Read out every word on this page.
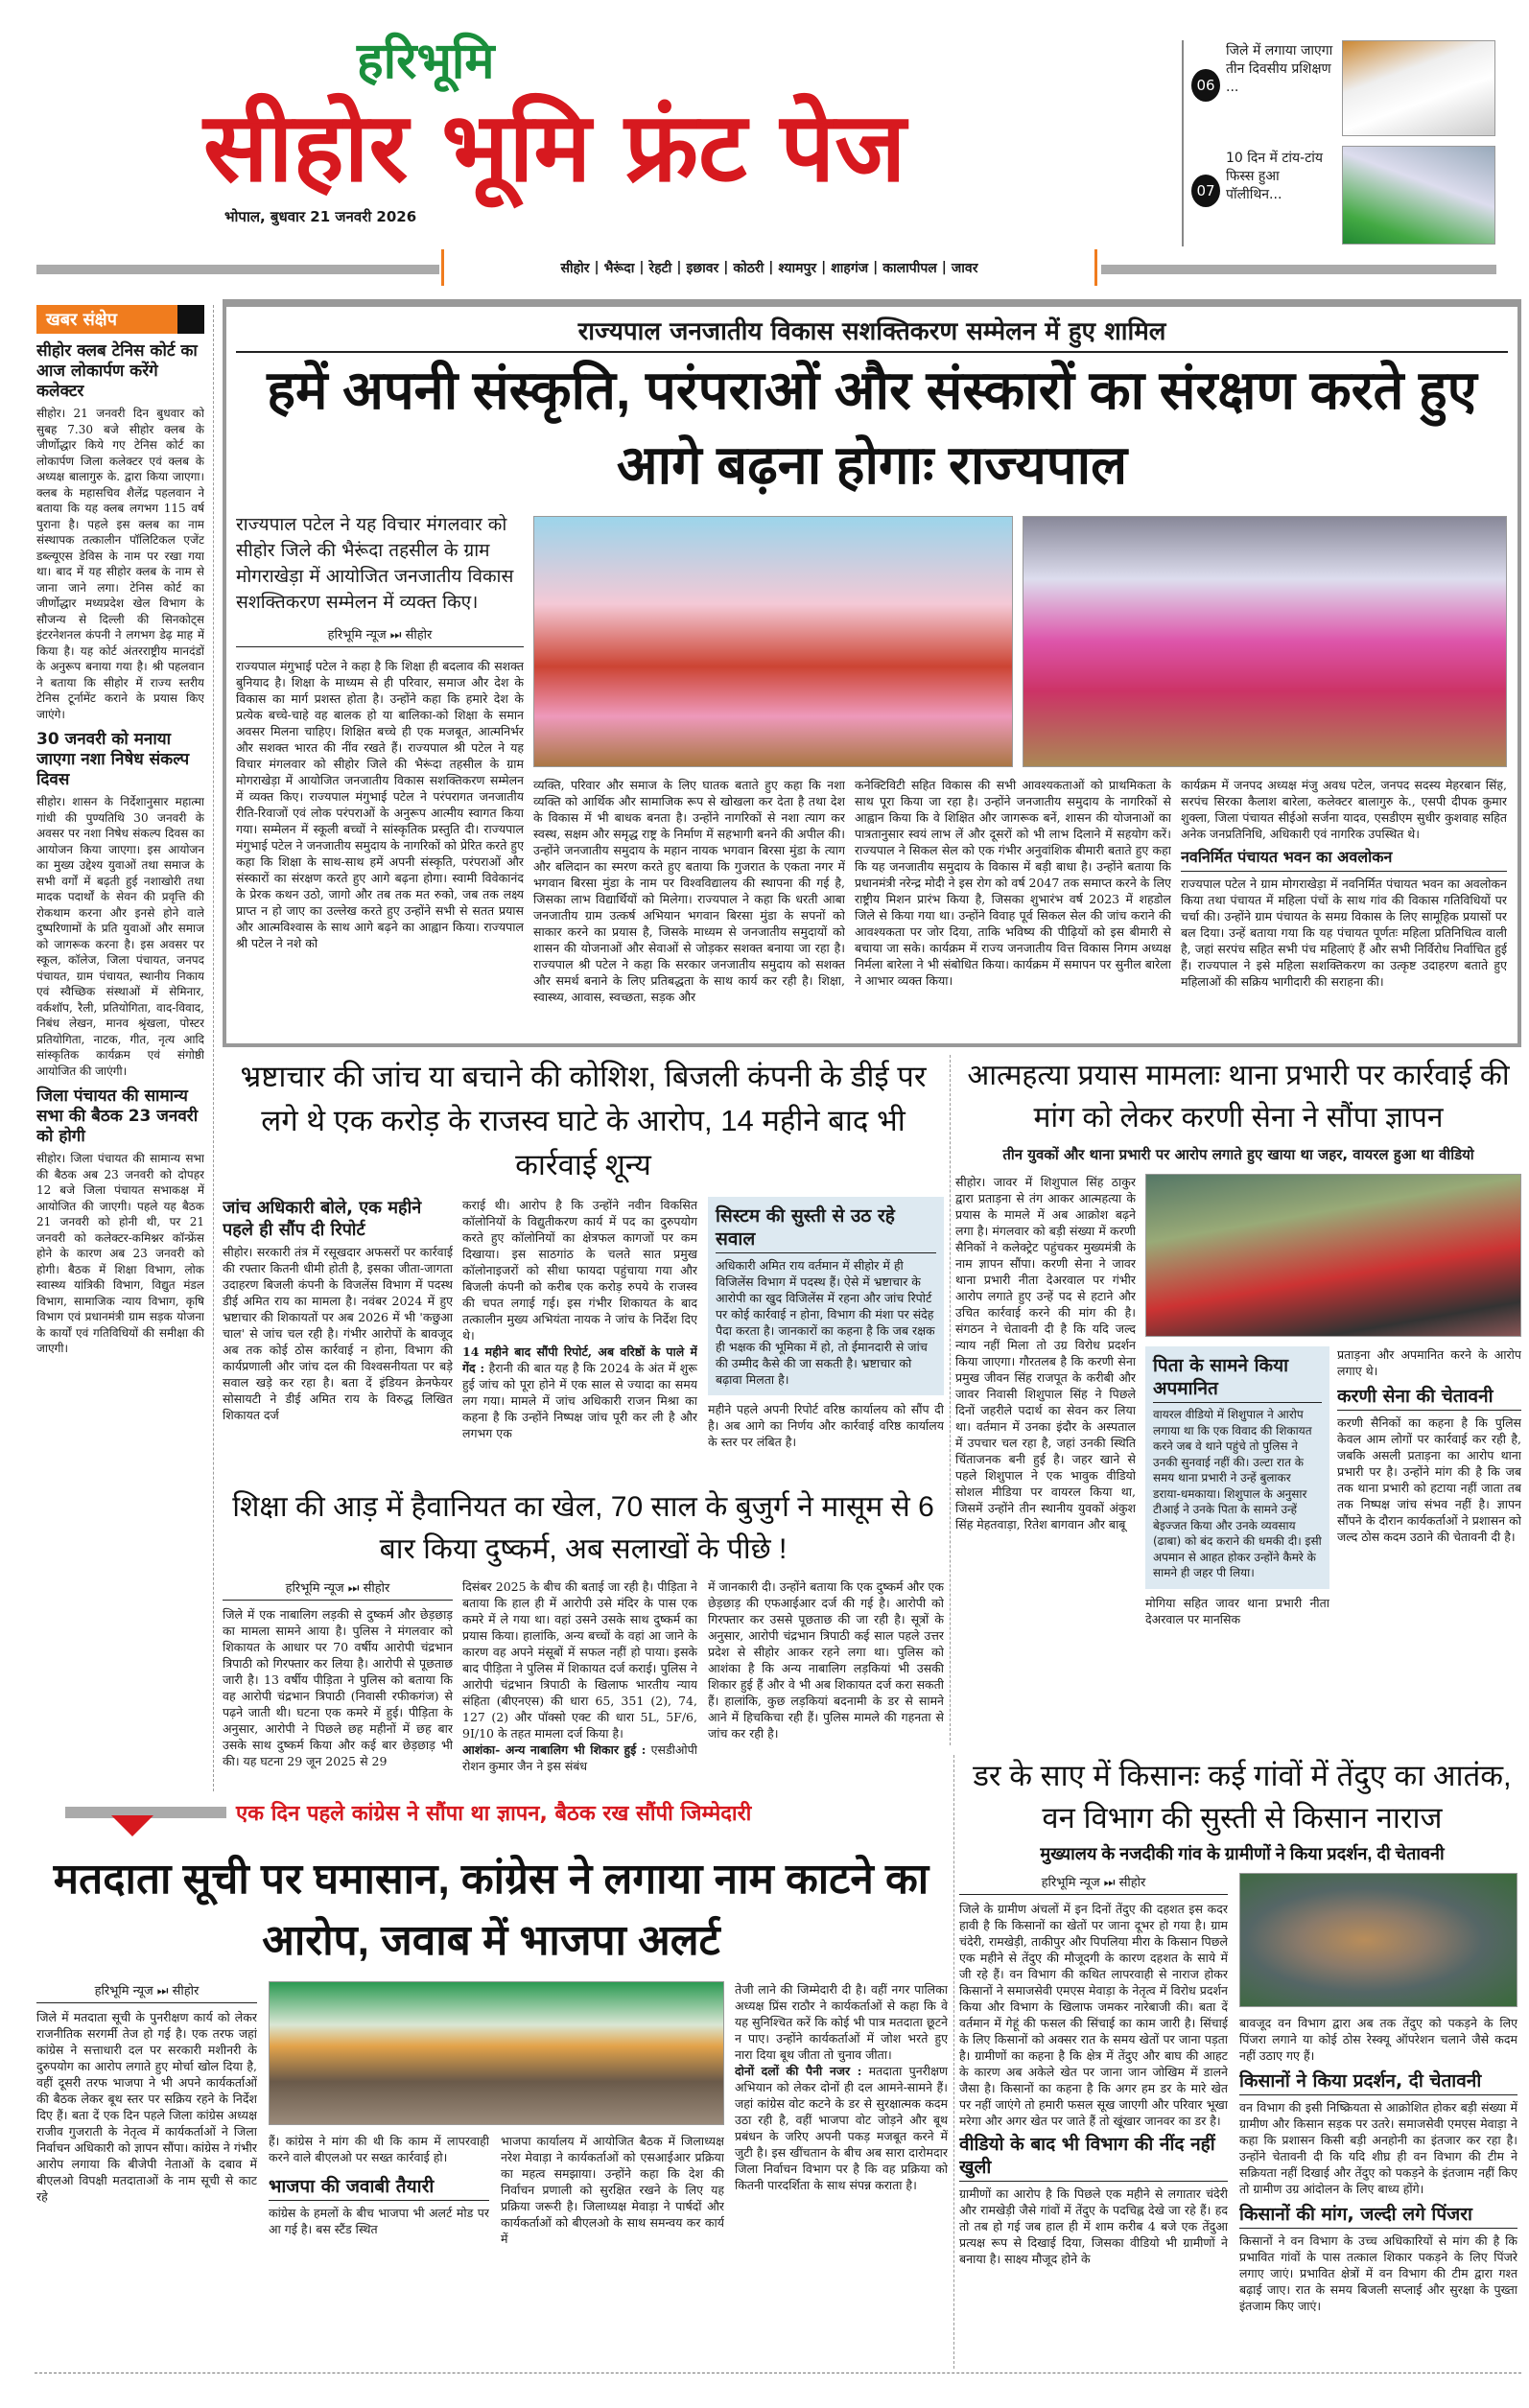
हरिभूमि
सीहोर भूमि फ्रंट पेज
भोपाल, बुधवार 21 जनवरी 2026
06
जिले में लगाया जाएगा तीन दिवसीय प्रशिक्षण ...
07
10 दिन में टांय-टांय फिस्स हुआ पॉलीथिन...
सीहोर | भैरूंदा | रेहटी | इछावर | कोठरी | श्यामपुर | शाहगंज | कालापीपल | जावर
खबर संक्षेप
सीहोर क्लब टेनिस कोर्ट का आज लोकार्पण करेंगे कलेक्टर
सीहोर। 21 जनवरी दिन बुधवार को सुबह 7.30 बजे सीहोर क्लब के जीर्णोद्धार किये गए टेनिस कोर्ट का लोकार्पण जिला कलेक्टर एवं क्लब के अध्यक्ष बालागुरु के. द्वारा किया जाएगा। क्लब के महासचिव शैलेंद्र पहलवान ने बताया कि यह क्लब लगभग 115 वर्ष पुराना है। पहले इस क्लब का नाम संस्थापक तत्कालीन पॉलिटिकल एजेंट डब्ल्यूएस डेविस के नाम पर रखा गया था। बाद में यह सीहोर क्लब के नाम से जाना जाने लगा। टेनिस कोर्ट का जीर्णोद्धार मध्यप्रदेश खेल विभाग के सौजन्य से दिल्ली की सिनकोट्स इंटरनेशनल कंपनी ने लगभग डेढ़ माह में किया है। यह कोर्ट अंतरराष्ट्रीय मानदंडों के अनुरूप बनाया गया है। श्री पहलवान ने बताया कि सीहोर में राज्य स्तरीय टेनिस टूर्नामेंट कराने के प्रयास किए जाएंगे।
30 जनवरी को मनाया जाएगा नशा निषेध संकल्प दिवस
सीहोर। शासन के निर्देशानुसार महात्मा गांधी की पुण्यतिथि 30 जनवरी के अवसर पर नशा निषेध संकल्प दिवस का आयोजन किया जाएगा। इस आयोजन का मुख्य उद्देश्य युवाओं तथा समाज के सभी वर्गों में बढ़ती हुई नशाखोरी तथा मादक पदार्थों के सेवन की प्रवृत्ति की रोकथाम करना और इनसे होने वाले दुष्परिणामों के प्रति युवाओं और समाज को जागरूक करना है। इस अवसर पर स्कूल, कॉलेज, जिला पंचायत, जनपद पंचायत, ग्राम पंचायत, स्थानीय निकाय एवं स्वैच्छिक संस्थाओं में सेमिनार, वर्कशॉप, रैली, प्रतियोगिता, वाद-विवाद, निबंध लेखन, मानव श्रृंखला, पोस्टर प्रतियोगिता, नाटक, गीत, नृत्य आदि सांस्कृतिक कार्यक्रम एवं संगोष्ठी आयोजित की जाएंगी।
जिला पंचायत की सामान्य सभा की बैठक 23 जनवरी को होगी
सीहोर। जिला पंचायत की सामान्य सभा की बैठक अब 23 जनवरी को दोपहर 12 बजे जिला पंचायत सभाकक्ष में आयोजित की जाएगी। पहले यह बैठक 21 जनवरी को होनी थी, पर 21 जनवरी को कलेक्टर-कमिश्नर कॉन्फ्रेंस होने के कारण अब 23 जनवरी को होगी। बैठक में शिक्षा विभाग, लोक स्वास्थ्य यांत्रिकी विभाग, विद्युत मंडल विभाग, सामाजिक न्याय विभाग, कृषि विभाग एवं प्रधानमंत्री ग्राम सड़क योजना के कार्यों एवं गतिविधियों की समीक्षा की जाएगी।
राज्यपाल जनजातीय विकास सशक्तिकरण सम्मेलन में हुए शामिल
हमें अपनी संस्कृति, परंपराओं और संस्कारों का संरक्षण करते हुए आगे बढ़ना होगाः राज्यपाल
राज्यपाल पटेल ने यह विचार मंगलवार को सीहोर जिले की भैरूंदा तहसील के ग्राम मोगराखेड़ा में आयोजित जनजातीय विकास सशक्तिकरण सम्मेलन में व्यक्त किए।
हरिभूमि न्यूज ⏭ सीहोर
राज्यपाल मंगुभाई पटेल ने कहा है कि शिक्षा ही बदलाव की सशक्त बुनियाद है। शिक्षा के माध्यम से ही परिवार, समाज और देश के विकास का मार्ग प्रशस्त होता है। उन्होंने कहा कि हमारे देश के प्रत्येक बच्चे-चाहे वह बालक हो या बालिका-को शिक्षा के समान अवसर मिलना चाहिए। शिक्षित बच्चे ही एक मजबूत, आत्मनिर्भर और सशक्त भारत की नींव रखते हैं। राज्यपाल श्री पटेल ने यह विचार मंगलवार को सीहोर जिले की भैरूंदा तहसील के ग्राम मोगराखेड़ा में आयोजित जनजातीय विकास सशक्तिकरण सम्मेलन में व्यक्त किए। राज्यपाल मंगुभाई पटेल ने परंपरागत जनजातीय रीति-रिवाजों एवं लोक परंपराओं के अनुरूप आत्मीय स्वागत किया गया। सम्मेलन में स्कूली बच्चों ने सांस्कृतिक प्रस्तुति दी। राज्यपाल मंगुभाई पटेल ने जनजातीय समुदाय के नागरिकों को प्रेरित करते हुए कहा कि शिक्षा के साथ-साथ हमें अपनी संस्कृति, परंपराओं और संस्कारों का संरक्षण करते हुए आगे बढ़ना होगा। स्वामी विवेकानंद के प्रेरक कथन उठो, जागो और तब तक मत रुको, जब तक लक्ष्य प्राप्त न हो जाए का उल्लेख करते हुए उन्होंने सभी से सतत प्रयास और आत्मविश्वास के साथ आगे बढ़ने का आह्वान किया। राज्यपाल श्री पटेल ने नशे को
व्यक्ति, परिवार और समाज के लिए घातक बताते हुए कहा कि नशा व्यक्ति को आर्थिक और सामाजिक रूप से खोखला कर देता है तथा देश के विकास में भी बाधक बनता है। उन्होंने नागरिकों से नशा त्याग कर स्वस्थ, सक्षम और समृद्ध राष्ट्र के निर्माण में सहभागी बनने की अपील की। उन्होंने जनजातीय समुदाय के महान नायक भगवान बिरसा मुंडा के त्याग और बलिदान का स्मरण करते हुए बताया कि गुजरात के एकता नगर में भगवान बिरसा मुंडा के नाम पर विश्वविद्यालय की स्थापना की गई है, जिसका लाभ विद्यार्थियों को मिलेगा। राज्यपाल ने कहा कि धरती आबा जनजातीय ग्राम उत्कर्ष अभियान भगवान बिरसा मुंडा के सपनों को साकार करने का प्रयास है, जिसके माध्यम से जनजातीय समुदायों को शासन की योजनाओं और सेवाओं से जोड़कर सशक्त बनाया जा रहा है। राज्यपाल श्री पटेल ने कहा कि सरकार जनजातीय समुदाय को सशक्त और समर्थ बनाने के लिए प्रतिबद्धता के साथ कार्य कर रही है। शिक्षा, स्वास्थ्य, आवास, स्वच्छता, सड़क और
कनेक्टिविटी सहित विकास की सभी आवश्यकताओं को प्राथमिकता के साथ पूरा किया जा रहा है। उन्होंने जनजातीय समुदाय के नागरिकों से आह्वान किया कि वे शिक्षित और जागरूक बनें, शासन की योजनाओं का पात्रतानुसार स्वयं लाभ लें और दूसरों को भी लाभ दिलाने में सहयोग करें। राज्यपाल ने सिकल सेल को एक गंभीर अनुवांशिक बीमारी बताते हुए कहा कि यह जनजातीय समुदाय के विकास में बड़ी बाधा है। उन्होंने बताया कि प्रधानमंत्री नरेन्द्र मोदी ने इस रोग को वर्ष 2047 तक समाप्त करने के लिए राष्ट्रीय मिशन प्रारंभ किया है, जिसका शुभारंभ वर्ष 2023 में शहडोल जिले से किया गया था। उन्होंने विवाह पूर्व सिकल सेल की जांच कराने की आवश्यकता पर जोर दिया, ताकि भविष्य की पीढ़ियों को इस बीमारी से बचाया जा सके। कार्यक्रम में राज्य जनजातीय वित्त विकास निगम अध्यक्ष निर्मला बारेला ने भी संबोधित किया। कार्यक्रम में समापन पर सुनील बारेला ने आभार व्यक्त किया।
कार्यक्रम में जनपद अध्यक्ष मंजु अवध पटेल, जनपद सदस्य मेहरबान सिंह, सरपंच सिरका कैलाश बारेला, कलेक्टर बालागुरु के., एसपी दीपक कुमार शुक्ला, जिला पंचायत सीईओ सर्जना यादव, एसडीएम सुधीर कुशवाह सहित अनेक जनप्रतिनिधि, अधिकारी एवं नागरिक उपस्थित थे।
नवनिर्मित पंचायत भवन का अवलोकन
राज्यपाल पटेल ने ग्राम मोगराखेड़ा में नवनिर्मित पंचायत भवन का अवलोकन किया तथा पंचायत में महिला पंचों के साथ गांव की विकास गतिविधियों पर चर्चा की। उन्होंने ग्राम पंचायत के समग्र विकास के लिए सामूहिक प्रयासों पर बल दिया। उन्हें बताया गया कि यह पंचायत पूर्णतः महिला प्रतिनिधित्व वाली है, जहां सरपंच सहित सभी पंच महिलाएं हैं और सभी निर्विरोध निर्वाचित हुई हैं। राज्यपाल ने इसे महिला सशक्तिकरण का उत्कृष्ट उदाहरण बताते हुए महिलाओं की सक्रिय भागीदारी की सराहना की।
भ्रष्टाचार की जांच या बचाने की कोशिश, बिजली कंपनी के डीई पर लगे थे एक करोड़ के राजस्व घाटे के आरोप, 14 महीने बाद भी कार्रवाई शून्य
जांच अधिकारी बोले, एक महीने पहले ही सौंप दी रिपोर्ट
सीहोर। सरकारी तंत्र में रसूखदार अफसरों पर कार्रवाई की रफ्तार कितनी धीमी होती है, इसका जीता-जागता उदाहरण बिजली कंपनी के विजलेंस विभाग में पदस्थ डीई अमित राय का मामला है। नवंबर 2024 में हुए भ्रष्टाचार की शिकायतों पर अब 2026 में भी 'कछुआ चाल' से जांच चल रही है। गंभीर आरोपों के बावजूद अब तक कोई ठोस कार्रवाई न होना, विभाग की कार्यप्रणाली और जांच दल की विश्वसनीयता पर बड़े सवाल खड़े कर रहा है। बता दें इंडियन क्रेनफेयर सोसायटी ने डीई अमित राय के विरुद्ध लिखित शिकायत दर्ज
कराई थी। आरोप है कि उन्होंने नवीन विकसित कॉलोनियों के विद्युतीकरण कार्य में पद का दुरुपयोग करते हुए कॉलोनियों का क्षेत्रफल कागजों पर कम दिखाया। इस साठगांठ के चलते सात प्रमुख कॉलोनाइजरों को सीधा फायदा पहुंचाया गया और बिजली कंपनी को करीब एक करोड़ रुपये के राजस्व की चपत लगाई गई। इस गंभीर शिकायत के बाद तत्कालीन मुख्य अभियंता नायक ने जांच के निर्देश दिए थे।
14 महीने बाद सौंपी रिपोर्ट, अब वरिष्ठों के पाले में गेंद : हैरानी की बात यह है कि 2024 के अंत में शुरू हुई जांच को पूरा होने में एक साल से ज्यादा का समय लग गया। मामले में जांच अधिकारी राजन मिश्रा का कहना है कि उन्होंने निष्पक्ष जांच पूरी कर ली है और लगभग एक
सिस्टम की सुस्ती से उठ रहे सवाल
अधिकारी अमित राय वर्तमान में सीहोर में ही विजिलेंस विभाग में पदस्थ हैं। ऐसे में भ्रष्टाचार के आरोपी का खुद विजिलेंस में रहना और जांच रिपोर्ट पर कोई कार्रवाई न होना, विभाग की मंशा पर संदेह पैदा करता है। जानकारों का कहना है कि जब रक्षक ही भक्षक की भूमिका में हो, तो ईमानदारी से जांच की उम्मीद कैसे की जा सकती है। भ्रष्टाचार को बढ़ावा मिलता है।
महीने पहले अपनी रिपोर्ट वरिष्ठ कार्यालय को सौंप दी है। अब आगे का निर्णय और कार्रवाई वरिष्ठ कार्यालय के स्तर पर लंबित है।
आत्महत्या प्रयास मामलाः थाना प्रभारी पर कार्रवाई की मांग को लेकर करणी सेना ने सौंपा ज्ञापन
तीन युवकों और थाना प्रभारी पर आरोप लगाते हुए खाया था जहर, वायरल हुआ था वीडियो
सीहोर। जावर में शिशुपाल सिंह ठाकुर द्वारा प्रताड़ना से तंग आकर आत्महत्या के प्रयास के मामले में अब आक्रोश बढ़ने लगा है। मंगलवार को बड़ी संख्या में करणी सैनिकों ने कलेक्ट्रेट पहुंचकर मुख्यमंत्री के नाम ज्ञापन सौंपा। करणी सेना ने जावर थाना प्रभारी नीता देअरवाल पर गंभीर आरोप लगाते हुए उन्हें पद से हटाने और उचित कार्रवाई करने की मांग की है। संगठन ने चेतावनी दी है कि यदि जल्द न्याय नहीं मिला तो उग्र विरोध प्रदर्शन किया जाएगा। गौरतलब है कि करणी सेना प्रमुख जीवन सिंह राजपूत के करीबी और जावर निवासी शिशुपाल सिंह ने पिछले दिनों जहरीले पदार्थ का सेवन कर लिया था। वर्तमान में उनका इंदौर के अस्पताल में उपचार चल रहा है, जहां उनकी स्थिति चिंताजनक बनी हुई है। जहर खाने से पहले शिशुपाल ने एक भावुक वीडियो सोशल मीडिया पर वायरल किया था, जिसमें उन्होंने तीन स्थानीय युवकों अंकुश सिंह मेहतवाड़ा, रितेश बागवान और बाबू
पिता के सामने किया अपमानित
वायरल वीडियो में शिशुपाल ने आरोप लगाया था कि एक विवाद की शिकायत करने जब वे थाने पहुंचे तो पुलिस ने उनकी सुनवाई नहीं की। उल्टा रात के समय थाना प्रभारी ने उन्हें बुलाकर डराया-धमकाया। शिशुपाल के अनुसार टीआई ने उनके पिता के सामने उन्हें बेइज्जत किया और उनके व्यवसाय (ढाबा) को बंद कराने की धमकी दी। इसी अपमान से आहत होकर उन्होंने कैमरे के सामने ही जहर पी लिया।
मोगिया सहित जावर थाना प्रभारी नीता देअरवाल पर मानसिक
प्रताड़ना और अपमानित करने के आरोप लगाए थे।
करणी सेना की चेतावनी
करणी सैनिकों का कहना है कि पुलिस केवल आम लोगों पर कार्रवाई कर रही है, जबकि असली प्रताड़ना का आरोप थाना प्रभारी पर है। उन्होंने मांग की है कि जब तक थाना प्रभारी को हटाया नहीं जाता तब तक निष्पक्ष जांच संभव नहीं है। ज्ञापन सौंपने के दौरान कार्यकर्ताओं ने प्रशासन को जल्द ठोस कदम उठाने की चेतावनी दी है।
शिक्षा की आड़ में हैवानियत का खेल, 70 साल के बुजुर्ग ने मासूम से 6 बार किया दुष्कर्म, अब सलाखों के पीछे !
हरिभूमि न्यूज ⏭ सीहोर
जिले में एक नाबालिग लड़की से दुष्कर्म और छेड़छाड़ का मामला सामने आया है। पुलिस ने मंगलवार को शिकायत के आधार पर 70 वर्षीय आरोपी चंद्रभान त्रिपाठी को गिरफ्तार कर लिया है। आरोपी से पूछताछ जारी है। 13 वर्षीय पीड़िता ने पुलिस को बताया कि वह आरोपी चंद्रभान त्रिपाठी (निवासी रफीकगंज) से पढ़ने जाती थी। घटना एक कमरे में हुई। पीड़िता के अनुसार, आरोपी ने पिछले छह महीनों में छह बार उसके साथ दुष्कर्म किया और कई बार छेड़छाड़ भी की। यह घटना 29 जून 2025 से 29
दिसंबर 2025 के बीच की बताई जा रही है। पीड़िता ने बताया कि हाल ही में आरोपी उसे मंदिर के पास एक कमरे में ले गया था। वहां उसने उसके साथ दुष्कर्म का प्रयास किया। हालांकि, अन्य बच्चों के वहां आ जाने के कारण वह अपने मंसूबों में सफल नहीं हो पाया। इसके बाद पीड़िता ने पुलिस में शिकायत दर्ज कराई। पुलिस ने आरोपी चंद्रभान त्रिपाठी के खिलाफ भारतीय न्याय संहिता (बीएनएस) की धारा 65, 351 (2), 74, 127 (2) और पॉक्सो एक्ट की धारा 5L, 5F/6, 9I/10 के तहत मामला दर्ज किया है।
आशंका- अन्य नाबालिग भी शिकार हुई : एसडीओपी रोशन कुमार जैन ने इस संबंध
में जानकारी दी। उन्होंने बताया कि एक दुष्कर्म और एक छेड़छाड़ की एफआईआर दर्ज की गई है। आरोपी को गिरफ्तार कर उससे पूछताछ की जा रही है। सूत्रों के अनुसार, आरोपी चंद्रभान त्रिपाठी कई साल पहले उत्तर प्रदेश से सीहोर आकर रहने लगा था। पुलिस को आशंका है कि अन्य नाबालिग लड़कियां भी उसकी शिकार हुई हैं और वे भी अब शिकायत दर्ज करा सकती हैं। हालांकि, कुछ लड़कियां बदनामी के डर से सामने आने में हिचकिचा रही हैं। पुलिस मामले की गहनता से जांच कर रही है।
एक दिन पहले कांग्रेस ने सौंपा था ज्ञापन, बैठक रख सौंपी जिम्मेदारी
मतदाता सूची पर घमासान, कांग्रेस ने लगाया नाम काटने का आरोप, जवाब में भाजपा अलर्ट
हरिभूमि न्यूज ⏭ सीहोर
जिले में मतदाता सूची के पुनरीक्षण कार्य को लेकर राजनीतिक सरगर्मी तेज हो गई है। एक तरफ जहां कांग्रेस ने सत्ताधारी दल पर सरकारी मशीनरी के दुरुपयोग का आरोप लगाते हुए मोर्चा खोल दिया है, वहीं दूसरी तरफ भाजपा ने भी अपने कार्यकर्ताओं की बैठक लेकर बूथ स्तर पर सक्रिय रहने के निर्देश दिए हैं। बता दें एक दिन पहले जिला कांग्रेस अध्यक्ष राजीव गुजराती के नेतृत्व में कार्यकर्ताओं ने जिला निर्वाचन अधिकारी को ज्ञापन सौंपा। कांग्रेस ने गंभीर आरोप लगाया कि बीजेपी नेताओं के दबाव में बीएलओ विपक्षी मतदाताओं के नाम सूची से काट रहे
हैं। कांग्रेस ने मांग की थी कि काम में लापरवाही करने वाले बीएलओ पर सख्त कार्रवाई हो।
भाजपा की जवाबी तैयारी
कांग्रेस के हमलों के बीच भाजपा भी अलर्ट मोड पर आ गई है। बस स्टैंड स्थित
भाजपा कार्यालय में आयोजित बैठक में जिलाध्यक्ष नरेश मेवाड़ा ने कार्यकर्ताओं को एसआईआर प्रक्रिया का महत्व समझाया। उन्होंने कहा कि देश की निर्वाचन प्रणाली को सुरक्षित रखने के लिए यह प्रक्रिया जरूरी है। जिलाध्यक्ष मेवाड़ा ने पार्षदों और कार्यकर्ताओं को बीएलओ के साथ समन्वय कर कार्य में
तेजी लाने की जिम्मेदारी दी है। वहीं नगर पालिका अध्यक्ष प्रिंस राठौर ने कार्यकर्ताओं से कहा कि वे यह सुनिश्चित करें कि कोई भी पात्र मतदाता छूटने न पाए। उन्होंने कार्यकर्ताओं में जोश भरते हुए नारा दिया बूथ जीता तो चुनाव जीता।
दोनों दलों की पैनी नजर : मतदाता पुनरीक्षण अभियान को लेकर दोनों ही दल आमने-सामने हैं। जहां कांग्रेस वोट कटने के डर से सुरक्षात्मक कदम उठा रही है, वहीं भाजपा वोट जोड़ने और बूथ प्रबंधन के जरिए अपनी पकड़ मजबूत करने में जुटी है। इस खींचतान के बीच अब सारा दारोमदार जिला निर्वाचन विभाग पर है कि वह प्रक्रिया को कितनी पारदर्शिता के साथ संपन्न कराता है।
डर के साए में किसानः कई गांवों में तेंदुए का आतंक, वन विभाग की सुस्ती से किसान नाराज
मुख्यालय के नजदीकी गांव के ग्रामीणों ने किया प्रदर्शन, दी चेतावनी
हरिभूमि न्यूज ⏭ सीहोर
जिले के ग्रामीण अंचलों में इन दिनों तेंदुए की दहशत इस कदर हावी है कि किसानों का खेतों पर जाना दूभर हो गया है। ग्राम चंदेरी, रामखेड़ी, ताकीपुर और पिपलिया मीरा के किसान पिछले एक महीने से तेंदुए की मौजूदगी के कारण दहशत के साये में जी रहे हैं। वन विभाग की कथित लापरवाही से नाराज होकर किसानों ने समाजसेवी एमएस मेवाड़ा के नेतृत्व में विरोध प्रदर्शन किया और विभाग के खिलाफ जमकर नारेबाजी की। बता दें वर्तमान में गेहूं की फसल की सिंचाई का काम जारी है। सिंचाई के लिए किसानों को अक्सर रात के समय खेतों पर जाना पड़ता है। ग्रामीणों का कहना है कि क्षेत्र में तेंदुए और बाघ की आहट के कारण अब अकेले खेत पर जाना जान जोखिम में डालने जैसा है। किसानों का कहना है कि अगर हम डर के मारे खेत पर नहीं जाएंगे तो हमारी फसल सूख जाएगी और परिवार भूखा मरेगा और अगर खेत पर जाते हैं तो खूंखार जानवर का डर है।
वीडियो के बाद भी विभाग की नींद नहीं खुली
ग्रामीणों का आरोप है कि पिछले एक महीने से लगातार चंदेरी और रामखेड़ी जैसे गांवों में तेंदुए के पदचिह्न देखे जा रहे हैं। हद तो तब हो गई जब हाल ही में शाम करीब 4 बजे एक तेंदुआ प्रत्यक्ष रूप से दिखाई दिया, जिसका वीडियो भी ग्रामीणों ने बनाया है। साक्ष्य मौजूद होने के
बावजूद वन विभाग द्वारा अब तक तेंदुए को पकड़ने के लिए पिंजरा लगाने या कोई ठोस रेस्क्यू ऑपरेशन चलाने जैसे कदम नहीं उठाए गए हैं।
किसानों ने किया प्रदर्शन, दी चेतावनी
वन विभाग की इसी निष्क्रियता से आक्रोशित होकर बड़ी संख्या में ग्रामीण और किसान सड़क पर उतरे। समाजसेवी एमएस मेवाड़ा ने कहा कि प्रशासन किसी बड़ी अनहोनी का इंतजार कर रहा है। उन्होंने चेतावनी दी कि यदि शीघ्र ही वन विभाग की टीम ने सक्रियता नहीं दिखाई और तेंदुए को पकड़ने के इंतजाम नहीं किए तो ग्रामीण उग्र आंदोलन के लिए बाध्य होंगे।
किसानों की मांग, जल्दी लगे पिंजरा
किसानों ने वन विभाग के उच्च अधिकारियों से मांग की है कि प्रभावित गांवों के पास तत्काल शिकार पकड़ने के लिए पिंजरे लगाए जाएं। प्रभावित क्षेत्रों में वन विभाग की टीम द्वारा गश्त बढ़ाई जाए। रात के समय बिजली सप्लाई और सुरक्षा के पुख्ता इंतजाम किए जाएं।
